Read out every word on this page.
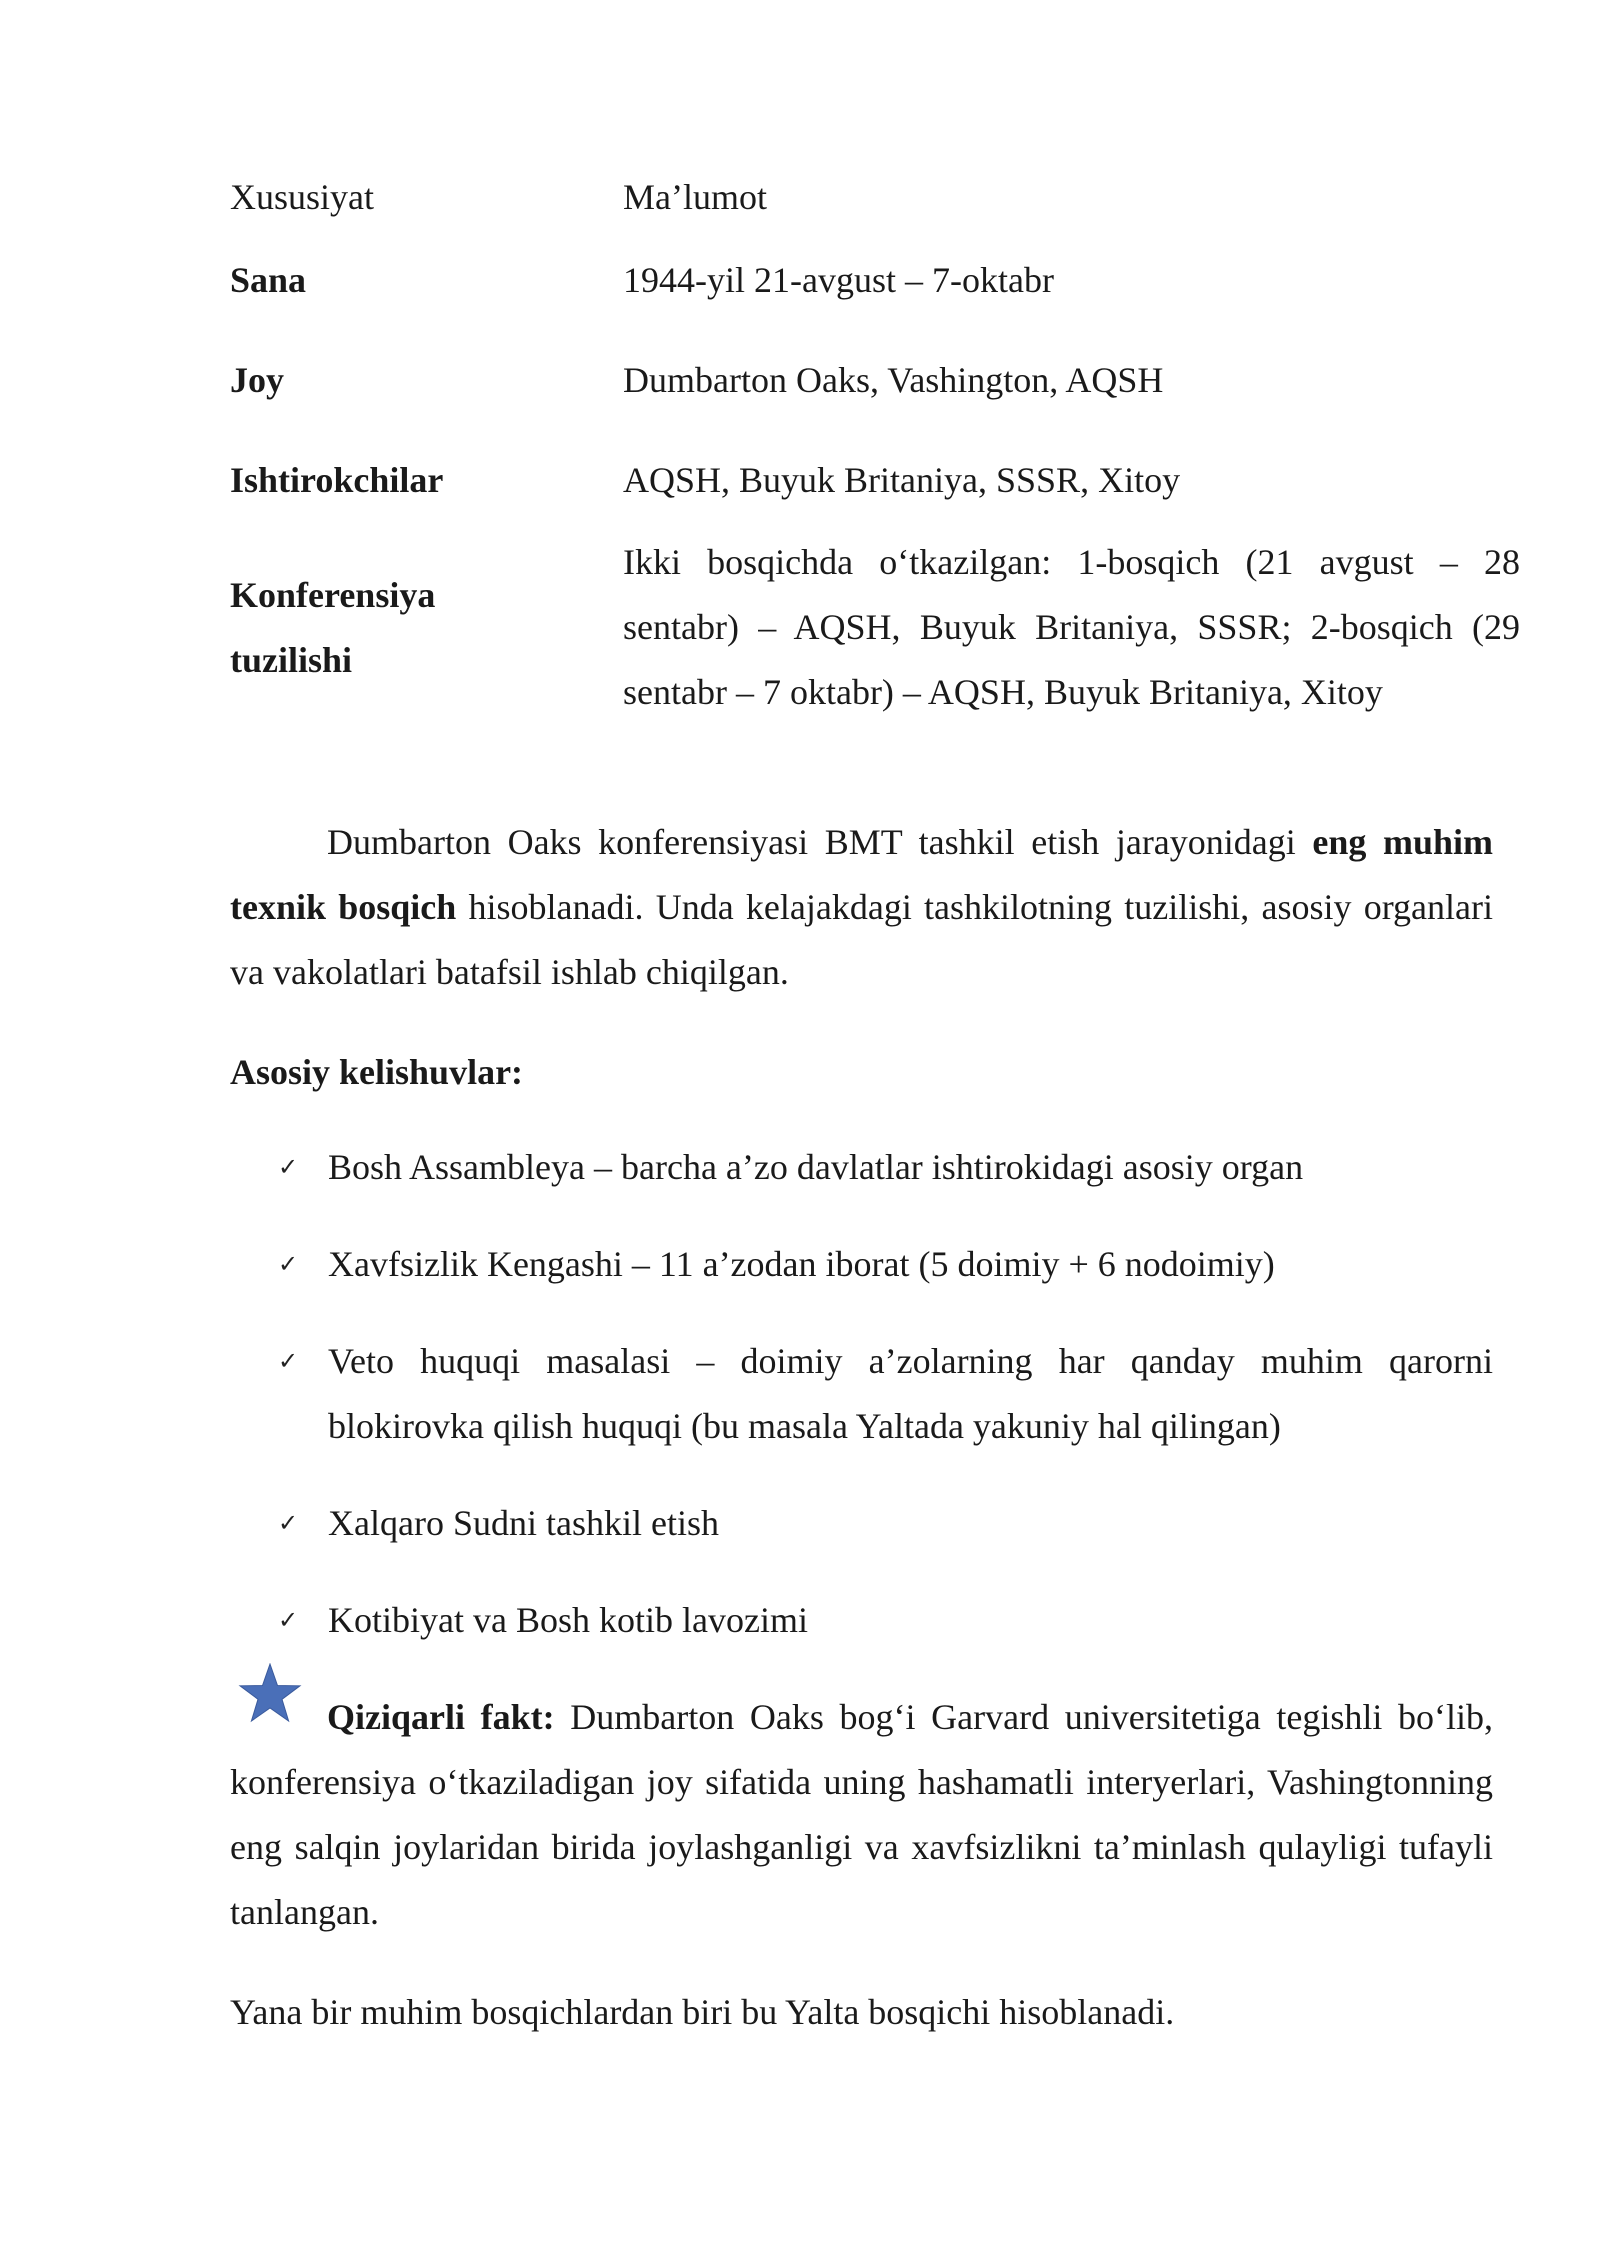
Xususiyat	Ma’lumot
Sana	1944-yil 21-avgust – 7-oktabr
Joy	Dumbarton Oaks, Vashington, AQSH
Ishtirokchilar	AQSH, Buyuk Britaniya, SSSR, Xitoy
Konferensiya tuzilishi	Ikki bosqichda o‘tkazilgan: 1-bosqich (21 avgust – 28 sentabr) – AQSH, Buyuk Britaniya, SSSR; 2-bosqich (29 sentabr – 7 oktabr) – AQSH, Buyuk Britaniya, Xitoy

Dumbarton Oaks konferensiyasi BMT tashkil etish jarayonidagi eng muhim texnik bosqich hisoblanadi. Unda kelajakdagi tashkilotning tuzilishi, asosiy organlari va vakolatlari batafsil ishlab chiqilgan.

Asosiy kelishuvlar:

✓ Bosh Assambleya – barcha a’zo davlatlar ishtirokidagi asosiy organ
✓ Xavfsizlik Kengashi – 11 a’zodan iborat (5 doimiy + 6 nodoimiy)
✓ Veto huquqi masalasi – doimiy a’zolarning har qanday muhim qarorni blokirovka qilish huquqi (bu masala Yaltada yakuniy hal qilingan)
✓ Xalqaro Sudni tashkil etish
✓ Kotibiyat va Bosh kotib lavozimi

Qiziqarli fakt: Dumbarton Oaks bog‘i Garvard universitetiga tegishli bo‘lib, konferensiya o‘tkaziladigan joy sifatida uning hashamatli interyerlari, Vashingtonning eng salqin joylaridan birida joylashganligi va xavfsizlikni ta’minlash qulayligi tufayli tanlangan.

Yana bir muhim bosqichlardan biri bu Yalta bosqichi hisoblanadi.
